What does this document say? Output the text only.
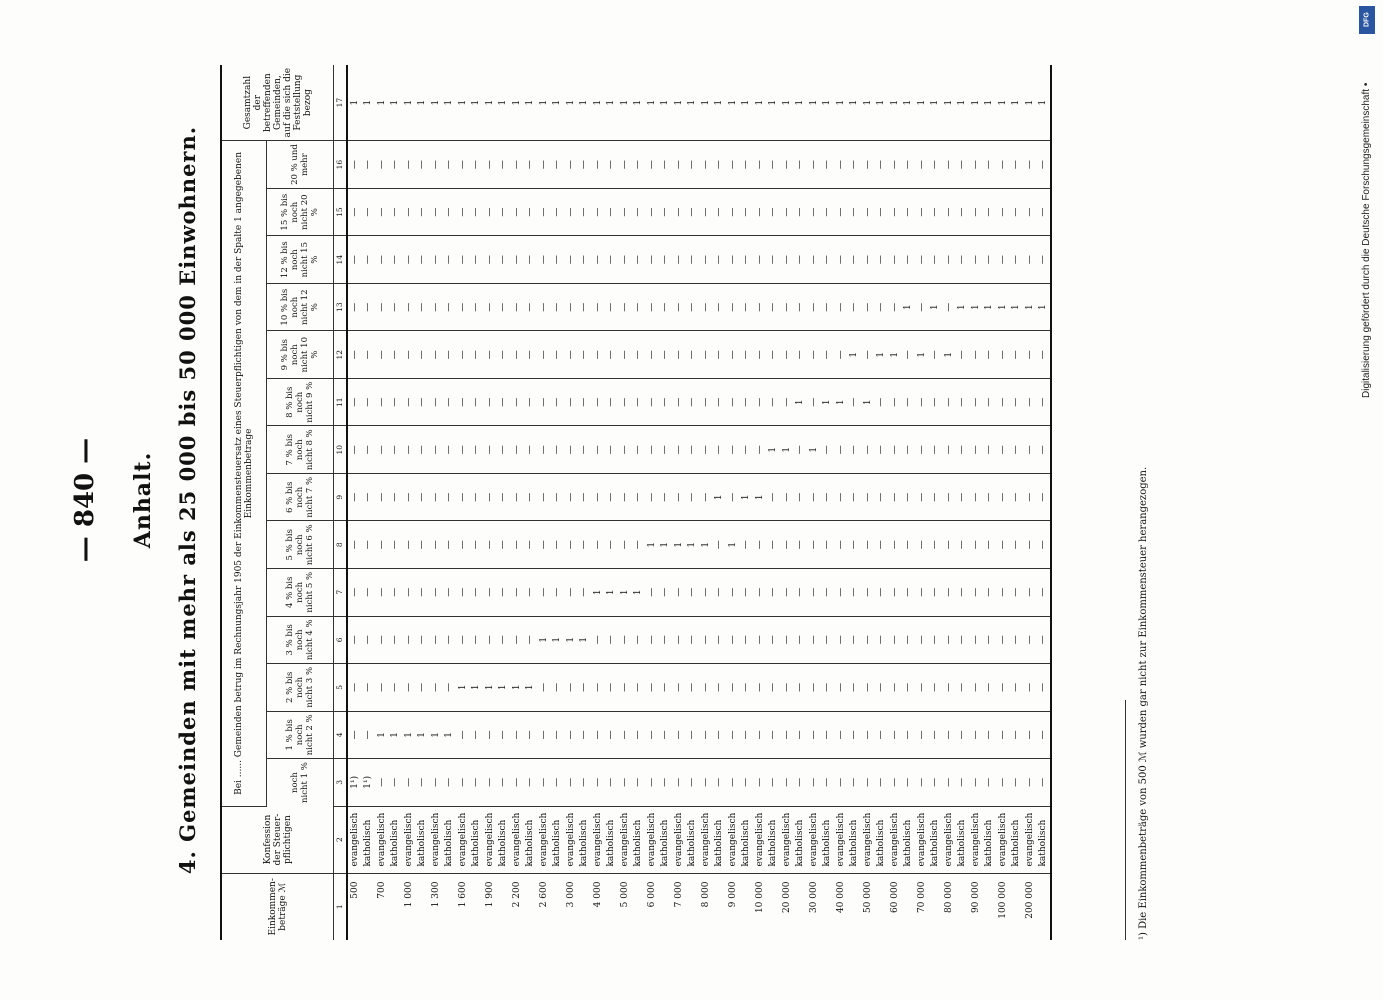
— 840 — Anhalt. 4. Gemeinden mit mehr als 25 000 bis 50 000 Einwohnern.
Einkommen-beträge ℳ	Konfession der Steuer-pflichtigen	Bei ...... Gemeinden betrug im Rechnungsjahr 1905 der Einkommensteuersatz eines Steuerpflichtigen von dem in der Spalte 1 angegebenen Einkommenbetrage														Gesamtzahl der betreffenden Gemeinden, auf die sich die Feststellung bezog
		noch nicht 1 %	1 % bis noch nicht 2 %	2 % bis noch nicht 3 %	3 % bis noch nicht 4 %	4 % bis noch nicht 5 %	5 % bis noch nicht 6 %	6 % bis noch nicht 7 %	7 % bis noch nicht 8 %	8 % bis noch nicht 9 %	9 % bis noch nicht 10 %	10 % bis noch nicht 12 %	12 % bis noch nicht 15 %	15 % bis noch nicht 20 %	20 % und mehr	
1	2	3	4	5	6	7	8	9	10	11	12	13	14	15	16	17
500	evangelisch	1¹)	—	—	—	—	—	—	—	—	—	—	—	—	—	1
	katholisch	1¹)	—	—	—	—	—	—	—	—	—	—	—	—	—	1
700	evangelisch	—	1	—	—	—	—	—	—	—	—	—	—	—	—	1
	katholisch	—	1	—	—	—	—	—	—	—	—	—	—	—	—	1
1 000	evangelisch	—	1	—	—	—	—	—	—	—	—	—	—	—	—	1
	katholisch	—	1	—	—	—	—	—	—	—	—	—	—	—	—	1
1 300	evangelisch	—	1	—	—	—	—	—	—	—	—	—	—	—	—	1
	katholisch	—	1	—	—	—	—	—	—	—	—	—	—	—	—	1
1 600	evangelisch	—	—	1	—	—	—	—	—	—	—	—	—	—	—	1
	katholisch	—	—	1	—	—	—	—	—	—	—	—	—	—	—	1
1 900	evangelisch	—	—	1	—	—	—	—	—	—	—	—	—	—	—	1
	katholisch	—	—	1	—	—	—	—	—	—	—	—	—	—	—	1
2 200	evangelisch	—	—	1	—	—	—	—	—	—	—	—	—	—	—	1
	katholisch	—	—	1	—	—	—	—	—	—	—	—	—	—	—	1
2 600	evangelisch	—	—	—	1	—	—	—	—	—	—	—	—	—	—	1
	katholisch	—	—	—	1	—	—	—	—	—	—	—	—	—	—	1
3 000	evangelisch	—	—	—	1	—	—	—	—	—	—	—	—	—	—	1
	katholisch	—	—	—	1	—	—	—	—	—	—	—	—	—	—	1
4 000	evangelisch	—	—	—	—	1	—	—	—	—	—	—	—	—	—	1
	katholisch	—	—	—	—	1	—	—	—	—	—	—	—	—	—	1
5 000	evangelisch	—	—	—	—	1	—	—	—	—	—	—	—	—	—	1
	katholisch	—	—	—	—	1	—	—	—	—	—	—	—	—	—	1
6 000	evangelisch	—	—	—	—	—	1	—	—	—	—	—	—	—	—	1
	katholisch	—	—	—	—	—	1	—	—	—	—	—	—	—	—	1
7 000	evangelisch	—	—	—	—	—	1	—	—	—	—	—	—	—	—	1
	katholisch	—	—	—	—	—	1	—	—	—	—	—	—	—	—	1
8 000	evangelisch	—	—	—	—	—	1	—	—	—	—	—	—	—	—	1
	katholisch	—	—	—	—	—	—	1	—	—	—	—	—	—	—	1
9 000	evangelisch	—	—	—	—	—	1	—	—	—	—	—	—	—	—	1
	katholisch	—	—	—	—	—	—	1	—	—	—	—	—	—	—	1
10 000	evangelisch	—	—	—	—	—	—	1	—	—	—	—	—	—	—	1
	katholisch	—	—	—	—	—	—	—	1	—	—	—	—	—	—	1
20 000	evangelisch	—	—	—	—	—	—	—	1	—	—	—	—	—	—	1
	katholisch	—	—	—	—	—	—	—	—	1	—	—	—	—	—	1
30 000	evangelisch	—	—	—	—	—	—	—	1	—	—	—	—	—	—	1
	katholisch	—	—	—	—	—	—	—	—	1	—	—	—	—	—	1
40 000	evangelisch	—	—	—	—	—	—	—	—	1	—	—	—	—	—	1
	katholisch	—	—	—	—	—	—	—	—	—	1	—	—	—	—	1
50 000	evangelisch	—	—	—	—	—	—	—	—	1	—	—	—	—	—	1
	katholisch	—	—	—	—	—	—	—	—	—	1	—	—	—	—	1
60 000	evangelisch	—	—	—	—	—	—	—	—	—	1	—	—	—	—	1
	katholisch	—	—	—	—	—	—	—	—	—	—	1	—	—	—	1
70 000	evangelisch	—	—	—	—	—	—	—	—	—	1	—	—	—	—	1
	katholisch	—	—	—	—	—	—	—	—	—	—	1	—	—	—	1
80 000	evangelisch	—	—	—	—	—	—	—	—	—	1	—	—	—	—	1
	katholisch	—	—	—	—	—	—	—	—	—	—	1	—	—	—	1
90 000	evangelisch	—	—	—	—	—	—	—	—	—	—	1	—	—	—	1
	katholisch	—	—	—	—	—	—	—	—	—	—	1	—	—	—	1
100 000	evangelisch	—	—	—	—	—	—	—	—	—	—	1	—	—	—	1
	katholisch	—	—	—	—	—	—	—	—	—	—	1	—	—	—	1
200 000	evangelisch	—	—	—	—	—	—	—	—	—	—	1	—	—	—	1
	katholisch	—	—	—	—	—	—	—	—	—	—	1	—	—	—	1
¹) Die Einkommenbeträge von 500 ℳ wurden gar nicht zur Einkommensteuer herangezogen.
DFG
Digitalisierung gefördert durch die Deutsche Forschungsgemeinschaft •
